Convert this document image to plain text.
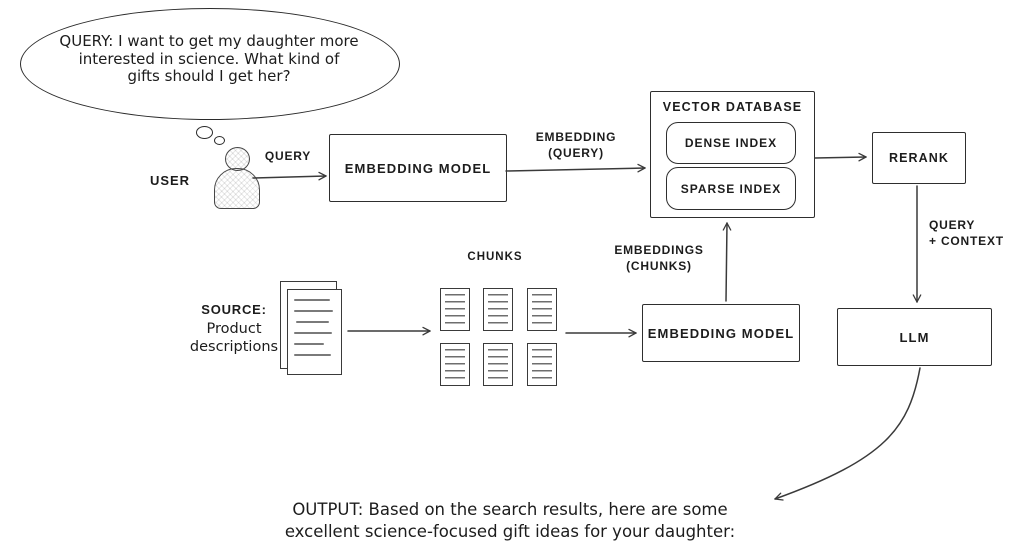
QUERY: I want to get my daughter more
interested in science. What kind of
gifts should I get her?
USER
QUERY
EMBEDDING
(QUERY)
EMBEDDINGS
(CHUNKS)
QUERY
+ CONTEXT
EMBEDDING MODEL
VECTOR DATABASE
DENSE INDEX
SPARSE INDEX
RERANK
LLM
EMBEDDING MODEL
SOURCE:
Product
descriptions
CHUNKS
OUTPUT: Based on the search results, here are some
excellent science-focused gift ideas for your daughter:
